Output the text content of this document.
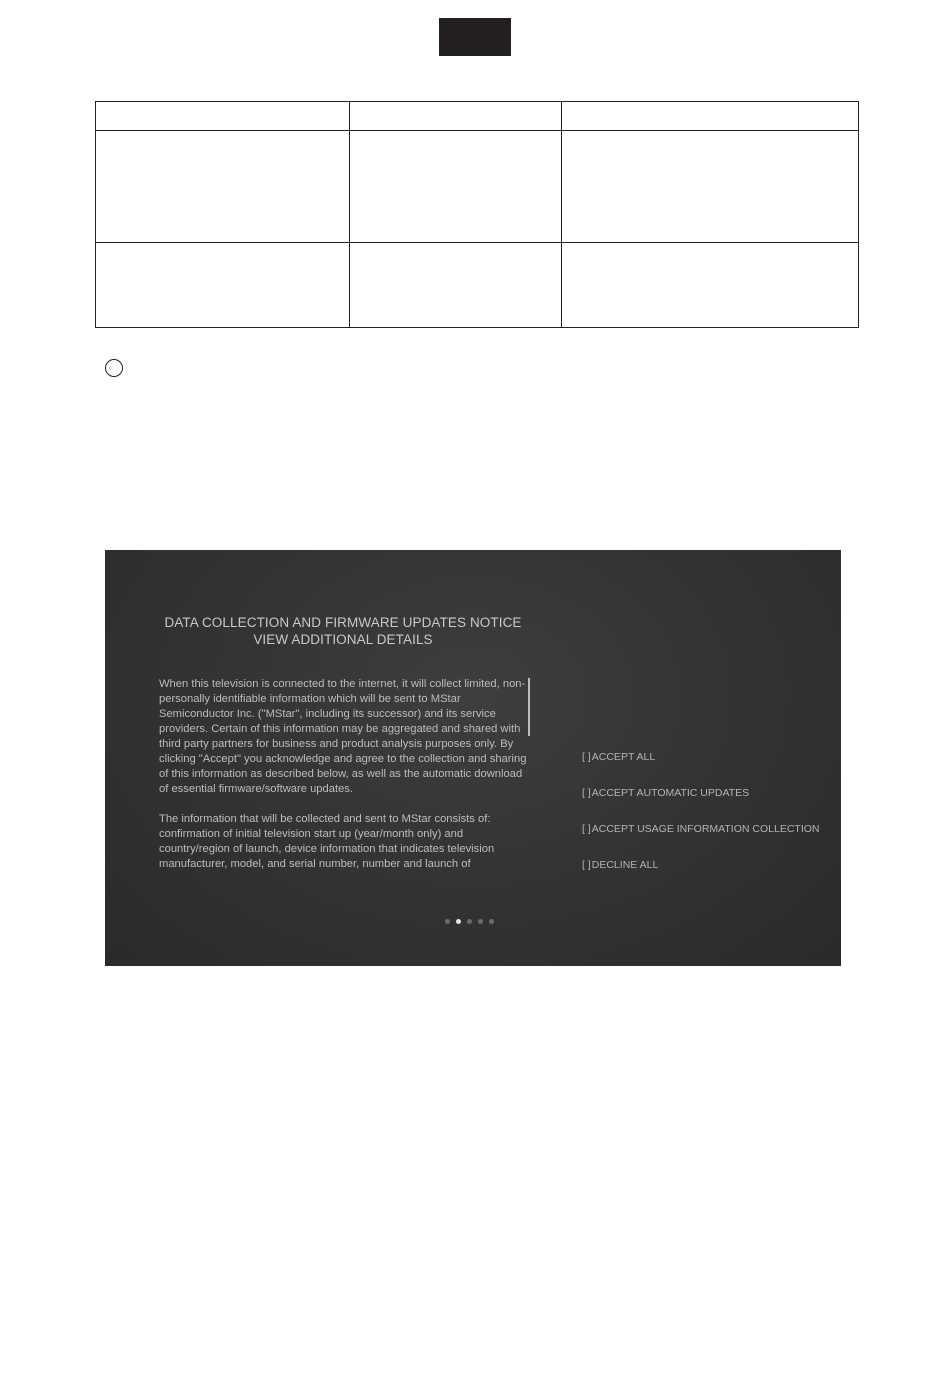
DATA COLLECTION AND FIRMWARE UPDATES NOTICE
VIEW ADDITIONAL DETAILS

When this television is connected to the internet, it will collect limited, non-personally identifiable information which will be sent to MStar Semiconductor Inc. ("MStar", including its successor) and its service providers. Certain of this information may be aggregated and shared with third party partners for business and product analysis purposes only. By clicking "Accept" you acknowledge and agree to the collection and sharing of this information as described below, as well as the automatic download of essential firmware/software updates.

The information that will be collected and sent to MStar consists of: confirmation of initial television start up (year/month only) and country/region of launch, device information that indicates television manufacturer, model, and serial number, number and launch of

[ ]ACCEPT ALL
[ ]ACCEPT AUTOMATIC UPDATES
[ ]ACCEPT USAGE INFORMATION COLLECTION
[ ]DECLINE ALL
